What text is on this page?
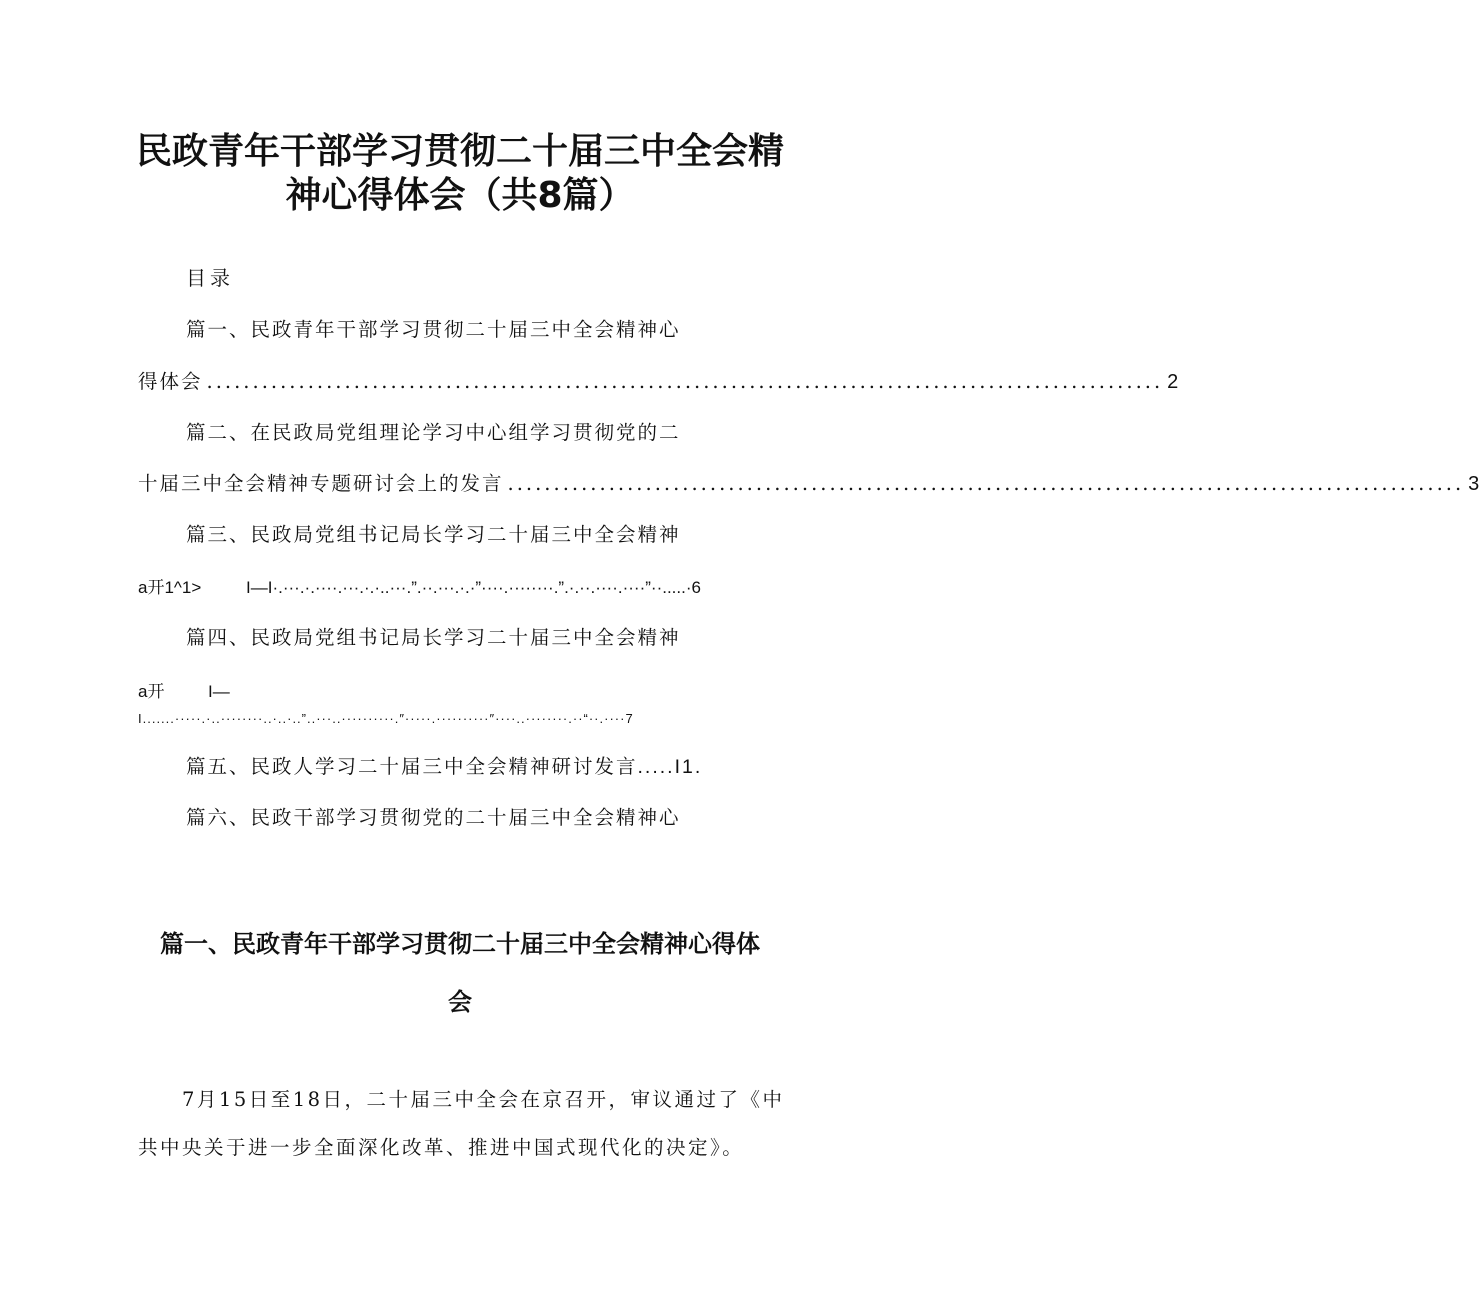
民政青年干部学习贯彻二十届三中全会精
神心得体会（共8篇）
目录
篇一、民政青年干部学习贯彻二十届三中全会精神心
得体会 ........................................................................................................ 2
篇二、在民政局党组理论学习中心组学习贯彻党的二
十届三中全会精神专题研讨会上的发言 ........................................................................................................ 3
篇三、民政局党组书记局长学习二十届三中全会精神
a开1^1>	I—I·.···.·.····.···.·.·..···.”.··.···.·.·”····.········.”.·.··.····.····”··.....·6
篇四、民政局党组书记局长学习二十届三中全会精神
a开	I—
I.......·····.·..········..·..·..”..···..··········.″·····.··········″····..········.··“··.····7
篇五、民政人学习二十届三中全会精神研讨发言.....I1.
篇六、民政干部学习贯彻党的二十届三中全会精神心
篇一、民政青年干部学习贯彻二十届三中全会精神心得体
会
7月15日至18日，二十届三中全会在京召开，审议通过了《中
共中央关于进一步全面深化改革、推进中国式现代化的决定》。
